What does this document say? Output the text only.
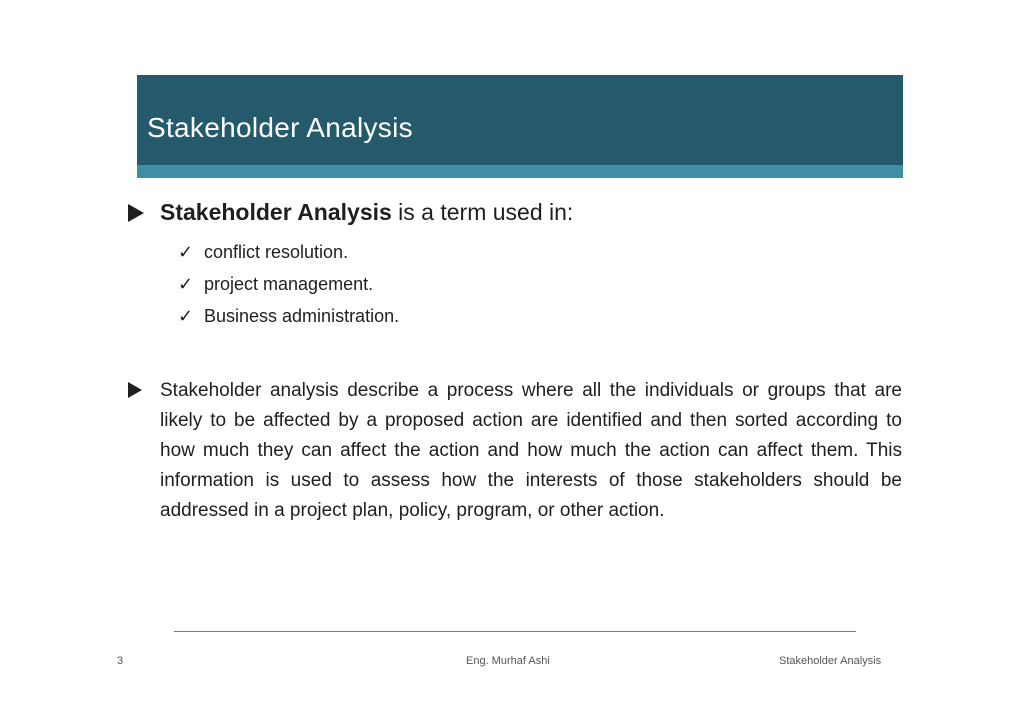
Stakeholder Analysis
Stakeholder Analysis is a term used in:
✓ conflict resolution.
✓ project management.
✓ Business administration.
Stakeholder analysis describe a process where all the individuals or groups that are likely to be affected by a proposed action are identified and then sorted according to how much they can affect the action and how much the action can affect them. This information is used to assess how the interests of those stakeholders should be addressed in a project plan, policy, program, or other action.
3	Eng. Murhaf Ashi	Stakeholder Analysis
